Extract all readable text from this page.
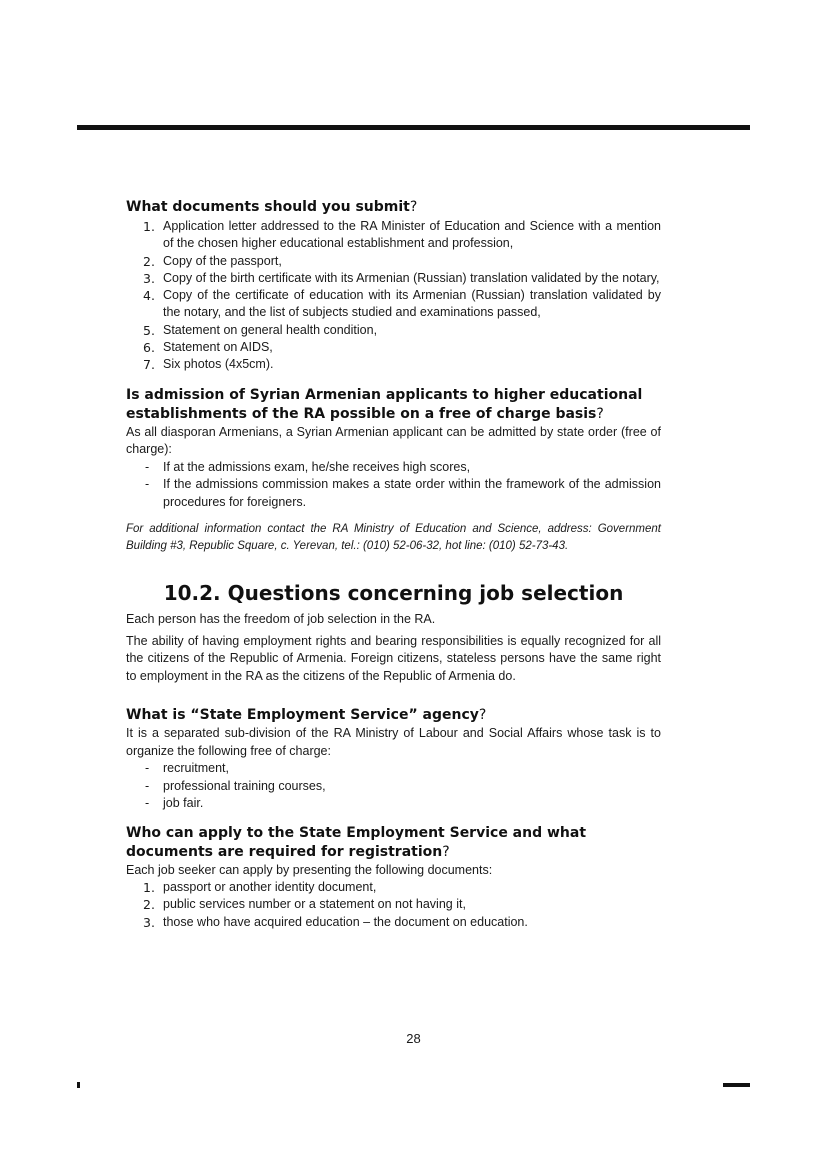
What documents should you submit?
1. Application letter addressed to the RA Minister of Education and Science with a mention of the chosen higher educational establishment and profession,
2. Copy of the passport,
3. Copy of the birth certificate with its Armenian (Russian) translation validated by the notary,
4. Copy of the certificate of education with its Armenian (Russian) translation validated by the notary, and the list of subjects studied and examinations passed,
5. Statement on general health condition,
6. Statement on AIDS,
7. Six photos (4x5cm).
Is admission of Syrian Armenian applicants to higher educational establishments of the RA possible on a free of charge basis?

As all diasporan Armenians, a Syrian Armenian applicant can be admitted by state order (free of charge):

- If at the admissions exam, he/she receives high scores,
- If the admissions commission makes a state order within the framework of the admission procedures for foreigners.

For additional information contact the RA Ministry of Education and Science, address: Government Building #3, Republic Square, c. Yerevan, tel.: (010) 52-06-32, hot line: (010) 52-73-43.

10.2. Questions concerning job selection

Each person has the freedom of job selection in the RA.

The ability of having employment rights and bearing responsibilities is equally recognized for all the citizens of the Republic of Armenia. Foreign citizens, stateless persons have the same right to employment in the RA as the citizens of the Republic of Armenia do.

What is “State Employment Service” agency?

It is a separated sub-division of the RA Ministry of Labour and Social Affairs whose task is to organize the following free of charge:

- recruitment,
- professional training courses,
- job fair.
Who can apply to the State Employment Service and what documents are required for registration?

Each job seeker can apply by presenting the following documents:

1. passport or another identity document,
2. public services number or a statement on not having it,
3. those who have acquired education – the document on education.
28
